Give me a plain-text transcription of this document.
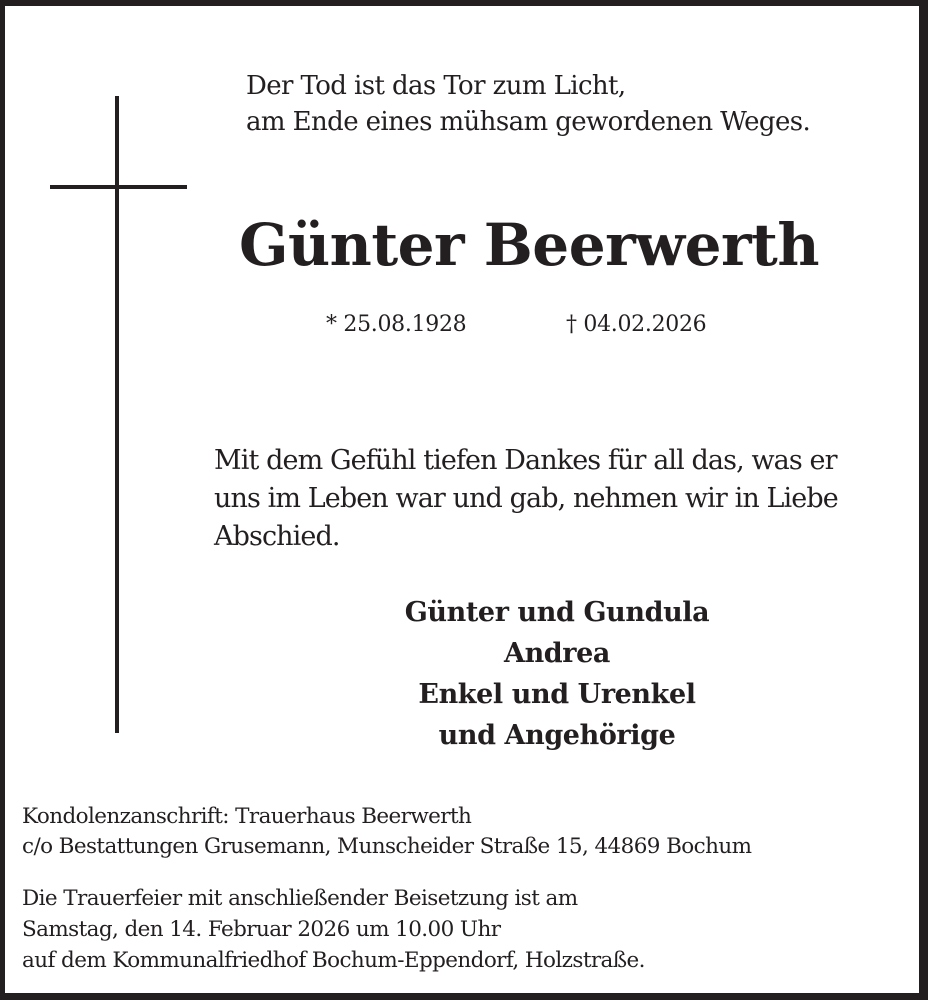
Der Tod ist das Tor zum Licht,
am Ende eines mühsam gewordenen Weges.
Günter Beerwerth
* 25.08.1928	† 04.02.2026
Mit dem Gefühl tiefen Dankes für all das, was er
uns im Leben war und gab, nehmen wir in Liebe
Abschied.
Günter und Gundula
Andrea
Enkel und Urenkel
und Angehörige
Kondolenzanschrift: Trauerhaus Beerwerth
c/o Bestattungen Grusemann, Munscheider Straße 15, 44869 Bochum
Die Trauerfeier mit anschließender Beisetzung ist am
Samstag, den 14. Februar 2026 um 10.00 Uhr
auf dem Kommunalfriedhof Bochum-Eppendorf, Holzstraße.
